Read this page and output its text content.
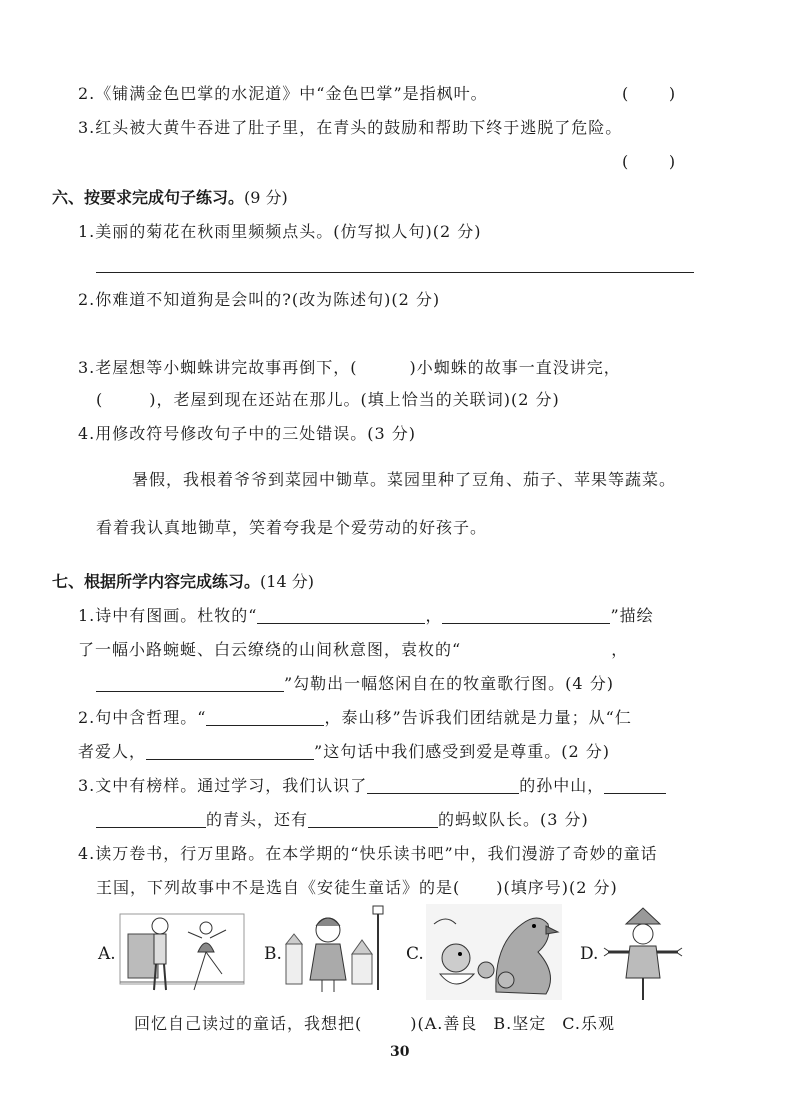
2.《铺满金色巴掌的水泥道》中“金色巴掌”是指枫叶。	(        )
3.红头被大黄牛吞进了肚子里，在青头的鼓励和帮助下终于逃脱了危险。
(        )
六、按要求完成句子练习。(9 分)
1.美丽的菊花在秋雨里频频点头。(仿写拟人句)(2 分)
2.你难道不知道狗是会叫的?(改为陈述句)(2 分)
3.老屋想等小蜘蛛讲完故事再倒下，(	)小蜘蛛的故事一直没讲完，
(	)，老屋到现在还站在那儿。(填上恰当的关联词)(2 分)
4.用修改符号修改句子中的三处错误。(3 分)
暑假，我根着爷爷到菜园中锄草。菜园里种了豆角、茄子、苹果等蔬菜。
看着我认真地锄草，笑着夸我是个爱劳动的好孩子。
七、根据所学内容完成练习。(14 分)
1.诗中有图画。杜牧的“	，	”描绘
了一幅小路蜿蜒、白云缭绕的山间秋意图，袁枚的“	，
”勾勒出一幅悠闲自在的牧童歌行图。(4 分)
2.句中含哲理。“	，泰山移”告诉我们团结就是力量；从“仁
者爱人，	”这句话中我们感受到爱是尊重。(2 分)
3.文中有榜样。通过学习，我们认识了	的孙中山，
的青头，还有	的蚂蚁队长。(3 分)
4.读万卷书，行万里路。在本学期的“快乐读书吧”中，我们漫游了奇妙的童话
王国，下列故事中不是选自《安徒生童话》的是( )(填序号)(2 分)
A.	B.	C.	D.
回忆自己读过的童话，我想把(	)(A.善良 B.坚定 C.乐观
30
